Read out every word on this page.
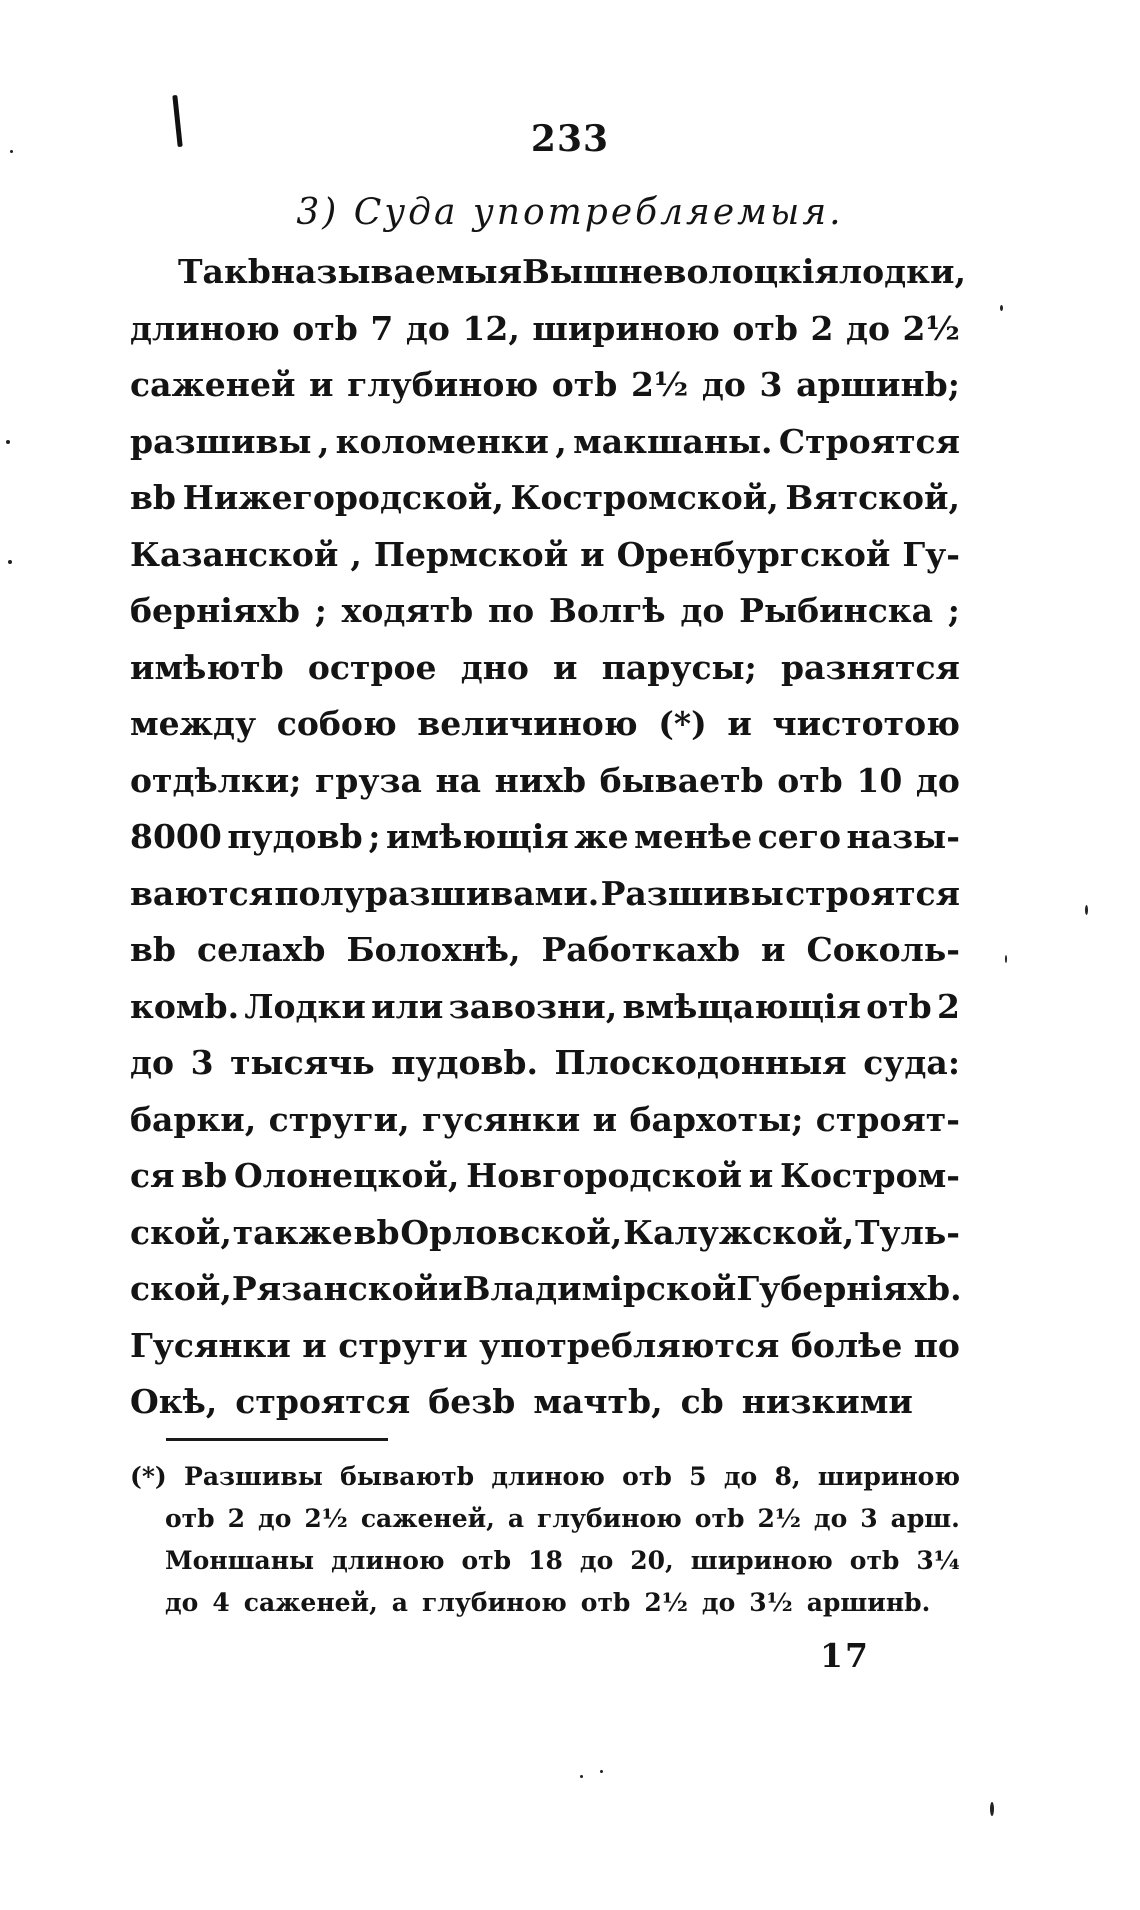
233
3) Суда употребляемыя.
Такb называемыя Вышневолоцкія лодки,
длиною отb 7 до 12, шириною отb 2 до 2½
саженей и глубиною отb 2½ до 3 аршинb;
разшивы , коломенки , макшаны. Строятся
вb Нижегородской, Костромской, Вятской,
Казанской , Пермской и Оренбургской Гу-
берніяхb ; ходятb по Волгѣ до Рыбинска ;
имѣютb острое дно и парусы; разнятся
между собою величиною (*) и чистотою
отдѣлки; груза на нихb бываетb отb 10 до
8000 пудовb ; имѣющія же менѣе сего назы-
ваются полуразшивами. Разшивы строятся
вb селахb Болохнѣ, Работкахb и Соколь-
комb. Лодки или завозни, вмѣщающія отb 2
до 3 тысячь пудовb. Плоскодонныя суда:
барки, струги, гусянки и бархоты; строят-
ся вb Олонецкой, Новгородской и Костром-
ской, также вb Орловской, Калужской, Туль-
ской , Рязанской и Владимірской Губерніяхb.
Гусянки и струги употребляются болѣе по
Окѣ, строятся безb мачтb, сb низкими
(*) Разшивы бываютb длиною отb 5 до 8, шириною
отb 2 до 2½ саженей, а глубиною отb 2½ до 3 арш.
Моншаны длиною отb 18 до 20, шириною отb 3¼
до 4 саженей, а глубиною отb 2½ до 3½ аршинb.
17
